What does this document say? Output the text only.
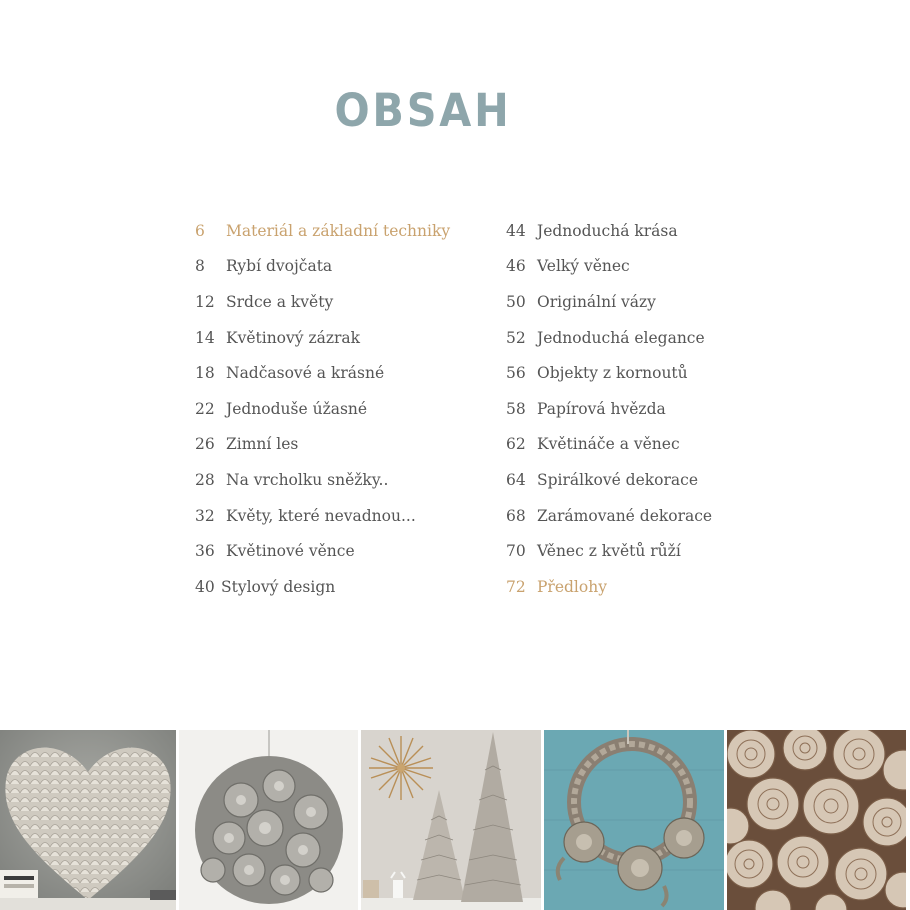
OBSAH
6	Materiál a základní techniky
8	Rybí dvojčata
12 Srdce a květy
14 Květinový zázrak
18 Nadčasové a krásné
22 Jednoduše úžasné
26 Zimní les
28 Na vrcholku sněžky..
32 Květy, které nevadnou...
36 Květinové věnce
40 Stylový design
44 Jednoduchá krása
46 Velký věnec
50 Originální vázy
52 Jednoduchá elegance
56 Objekty z kornoutů
58 Papírová hvězda
62 Květináče a věnec
64 Spirálkové dekorace
68 Zarámované dekorace
70 Věnec z květů růží
72 Předlohy
